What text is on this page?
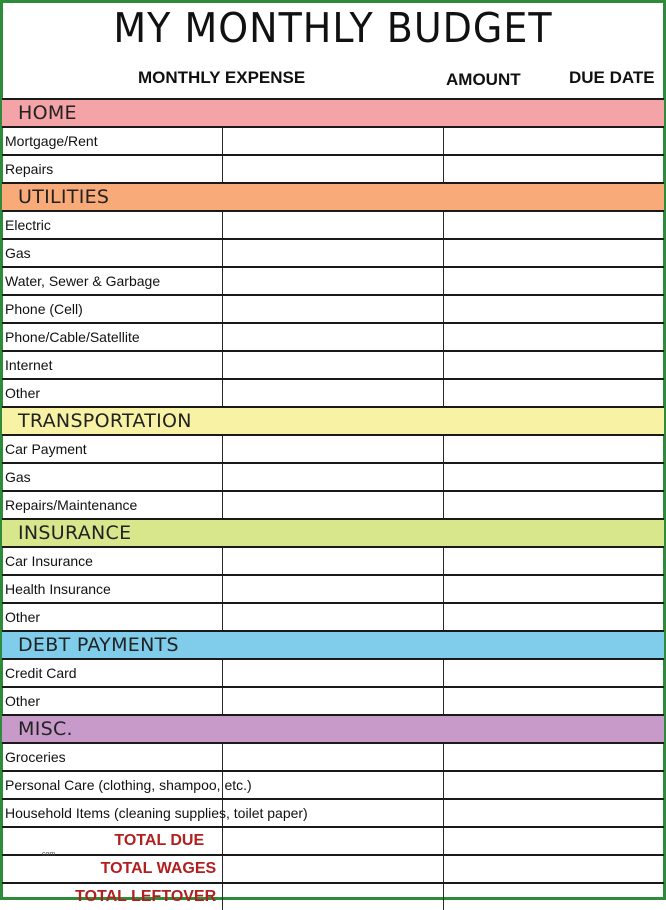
MY MONTHLY BUDGET
MONTHLY EXPENSE	AMOUNT	DUE DATE
HOME		
Mortgage/Rent		
Repairs		
UTILITIES		
Electric		
Gas		
Water, Sewer & Garbage		
Phone (Cell)		
Phone/Cable/Satellite		
Internet		
Other		
TRANSPORTATION		
Car Payment		
Gas		
Repairs/Maintenance		
INSURANCE		
Car Insurance		
Health Insurance		
Other		
DEBT PAYMENTS		
Credit Card		
Other		
MISC.		
Groceries		
Personal Care (clothing, shampoo, etc.)		
Household Items (cleaning supplies, toilet paper)		
TOTAL DUE		
TOTAL WAGES		
TOTAL LEFTOVER		
com
